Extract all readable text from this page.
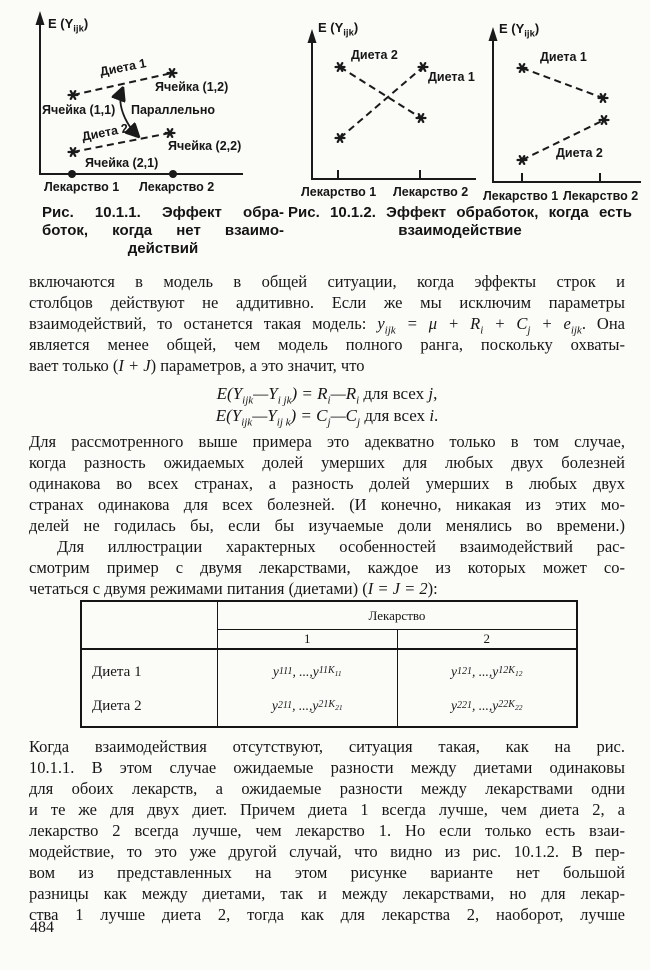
E $(Y_{ijk})$
Диета 1
Ячейка (1,2)
Ячейка (1,1) Параллельно
Диета 2
Ячейка (2,1)
Ячейка (2,2)
Лекарство 1 Лекарство 2
E $(Y_{ijk})$
Диета 2
Диета 1
Лекарство 1 Лекарство 2
E $(Y_{ijk})$
Диета 1
Диета 2
Лекарство 1 Лекарство 2
Рис. 10.1.1. Эффект обра-
боток, когда нет взаимо-
действий
Рис. 10.1.2. Эффект обработок, когда есть
взаимодействие
включаются в модель в общей ситуации, когда эффекты строк и
столбцов действуют не аддитивно. Если же мы исключим параметры
взаимодействий, то останется такая модель: $y_{ijk} = \mu + R_i + C_j + e_{ijk}$. Она
является менее общей, чем модель полного ранга, поскольку охваты-
вает только (I + J) параметров, а это значит, что
$E(Y_{ijk}—Y_{i jk})$ = $R_i—R_i$ для всех j,
$E(Y_{ijk}—Y_{ij k})$ = $C_j—C_j$ для всех i.
Для рассмотренного выше примера это адекватно только в том случае,
когда разность ожидаемых долей умерших для любых двух болезней
одинакова во всех странах, а разность долей умерших в любых двух
странах одинакова для всех болезней. (И конечно, никакая из этих мо-
делей не годилась бы, если бы изучаемые доли менялись во времени.)
Для иллюстрации характерных особенностей взаимодействий рас-
смотрим пример с двумя лекарствами, каждое из которых может со-
четаться с двумя режимами питания (диетами) (I = J = 2):
Лекарство
1	2
Диета 1
Диета 2
y 111 , ..., y $11K_{11}$
y 211 , ..., y $21K_{21}$
y 121 , ..., y $12K_{12}$
y 221 , ..., y $22K_{22}$
Когда взаимодействия отсутствуют, ситуация такая, как на рис.
10.1.1. В этом случае ожидаемые разности между диетами одинаковы
для обоих лекарств, а ожидаемые разности между лекарствами одни
и те же для двух диет. Причем диета 1 всегда лучше, чем диета 2, а
лекарство 2 всегда лучше, чем лекарство 1. Но если только есть взаи-
модействие, то это уже другой случай, что видно из рис. 10.1.2. В пер-
вом из представленных на этом рисунке варианте нет большой
разницы как между диетами, так и между лекарствами, но для лекар-
ства 1 лучше диета 2, тогда как для лекарства 2, наоборот, лучше
484
